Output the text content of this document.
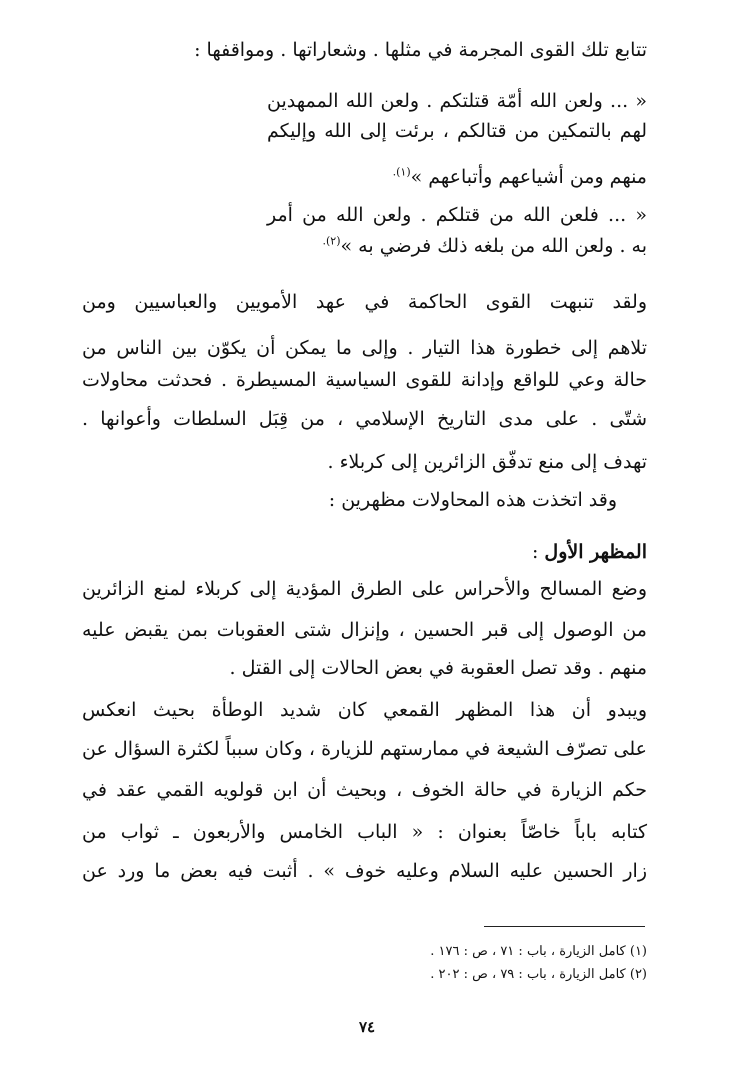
تتابع تلك القوى المجرمة في مثلها . وشعاراتها . ومواقفها :
« ... ولعن الله أمّة قتلتكم . ولعن الله الممهدين
لهم بالتمكين من قتالكم ، برئت إلى الله وإليكم
منهم ومن أشياعهم وأتباعهم »$^{(١).}$
« ... فلعن الله من قتلكم . ولعن الله من أمر
به . ولعن الله من بلغه ذلك فرضي به »$^{(٢).}$
ولقد تنبهت القوى الحاكمة في عهد الأمويين والعباسيين ومن
تلاهم إلى خطورة هذا التيار . وإلى ما يمكن أن يكوّن بين الناس من
حالة وعي للواقع وإدانة للقوى السياسية المسيطرة . فحدثت محاولات
شتّى . على مدى التاريخ الإسلامي ، من قِبَل السلطات وأعوانها .
تهدف إلى منع تدفّق الزائرين إلى كربلاء .
وقد اتخذت هذه المحاولات مظهرين :
المظهر الأول :
وضع المسالح والأحراس على الطرق المؤدية إلى كربلاء لمنع الزائرين
من الوصول إلى قبر الحسين ، وإنزال شتى العقوبات بمن يقبض عليه
منهم . وقد تصل العقوبة في بعض الحالات إلى القتل .
ويبدو أن هذا المظهر القمعي كان شديد الوطأة بحيث انعكس
على تصرّف الشيعة في ممارستهم للزيارة ، وكان سبباً لكثرة السؤال عن
حكم الزيارة في حالة الخوف ، وبحيث أن ابن قولويه القمي عقد في
كتابه باباً خاصّاً بعنوان : « الباب الخامس والأربعون ـ ثواب من
زار الحسين عليه السلام وعليه خوف » . أثبت فيه بعض ما ورد عن
(١) كامل الزيارة ، باب : ٧١ ، ص : ١٧٦ .
(٢) كامل الزيارة ، باب : ٧٩ ، ص : ٢٠٢ .
٧٤
